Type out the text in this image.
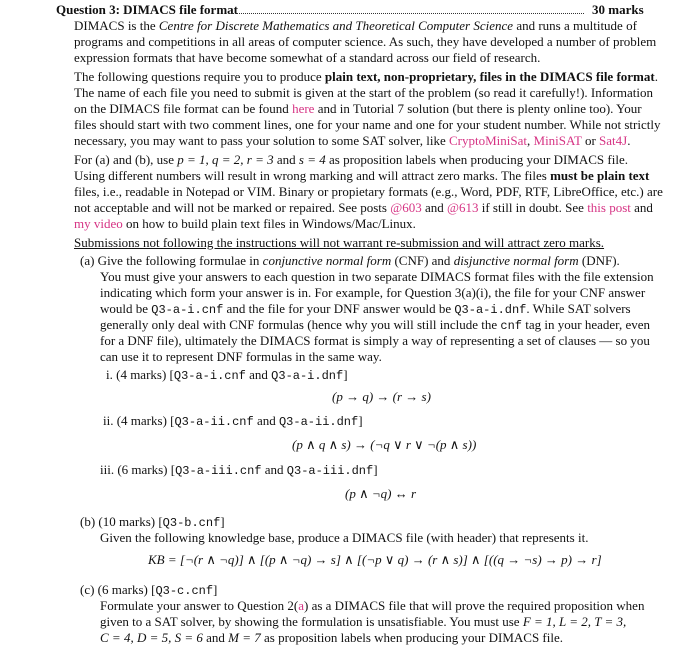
Question 3: DIMACS file format	30 marks
DIMACS is the Centre for Discrete Mathematics and Theoretical Computer Science and runs a multitude of
programs and competitions in all areas of computer science. As such, they have developed a number of problem
expression formats that have become somewhat of a standard across our field of research.
The following questions require you to produce plain text, non-proprietary, files in the DIMACS file format.
The name of each file you need to submit is given at the start of the problem (so read it carefully!). Information
on the DIMACS file format can be found here and in Tutorial 7 solution (but there is plenty online too). Your
files should start with two comment lines, one for your name and one for your student number. While not strictly
necessary, you may want to pass your solution to some SAT solver, like CryptoMiniSat, MiniSAT or Sat4J.
For (a) and (b), use p = 1, q = 2, r = 3 and s = 4 as proposition labels when producing your DIMACS file.
Using different numbers will result in wrong marking and will attract zero marks. The files must be plain text
files, i.e., readable in Notepad or VIM. Binary or propietary formats (e.g., Word, PDF, RTF, LibreOffice, etc.) are
not acceptable and will not be marked or repaired. See posts @603 and @613 if still in doubt. See this post and
my video on how to build plain text files in Windows/Mac/Linux.
Submissions not following the instructions will not warrant re-submission and will attract zero marks.
(a) Give the following formulae in conjunctive normal form (CNF) and disjunctive normal form (DNF).
You must give your answers to each question in two separate DIMACS format files with the file extension
indicating which form your answer is in. For example, for Question 3(a)(i), the file for your CNF answer
would be Q3-a-i.cnf and the file for your DNF answer would be Q3-a-i.dnf. While SAT solvers
generally only deal with CNF formulas (hence why you will still include the cnf tag in your header, even
for a DNF file), ultimately the DIMACS format is simply a way of representing a set of clauses — so you
can use it to represent DNF formulas in the same way.
i. (4 marks) [Q3-a-i.cnf and Q3-a-i.dnf]
(p → q) → (r → s)
ii. (4 marks) [Q3-a-ii.cnf and Q3-a-ii.dnf]
(p ∧ q ∧ s) → (¬q ∨ r ∨ ¬(p ∧ s))
iii. (6 marks) [Q3-a-iii.cnf and Q3-a-iii.dnf]
(p ∧ ¬q) ↔ r
(b) (10 marks) [Q3-b.cnf]
Given the following knowledge base, produce a DIMACS file (with header) that represents it.
KB = [¬(r ∧ ¬q)] ∧ [(p ∧ ¬q) → s] ∧ [(¬p ∨ q) → (r ∧ s)] ∧ [((q → ¬s) → p) → r]
(c) (6 marks) [Q3-c.cnf]
Formulate your answer to Question 2(a) as a DIMACS file that will prove the required proposition when
given to a SAT solver, by showing the formulation is unsatisfiable. You must use F = 1, L = 2, T = 3,
C = 4, D = 5, S = 6 and M = 7 as proposition labels when producing your DIMACS file.
